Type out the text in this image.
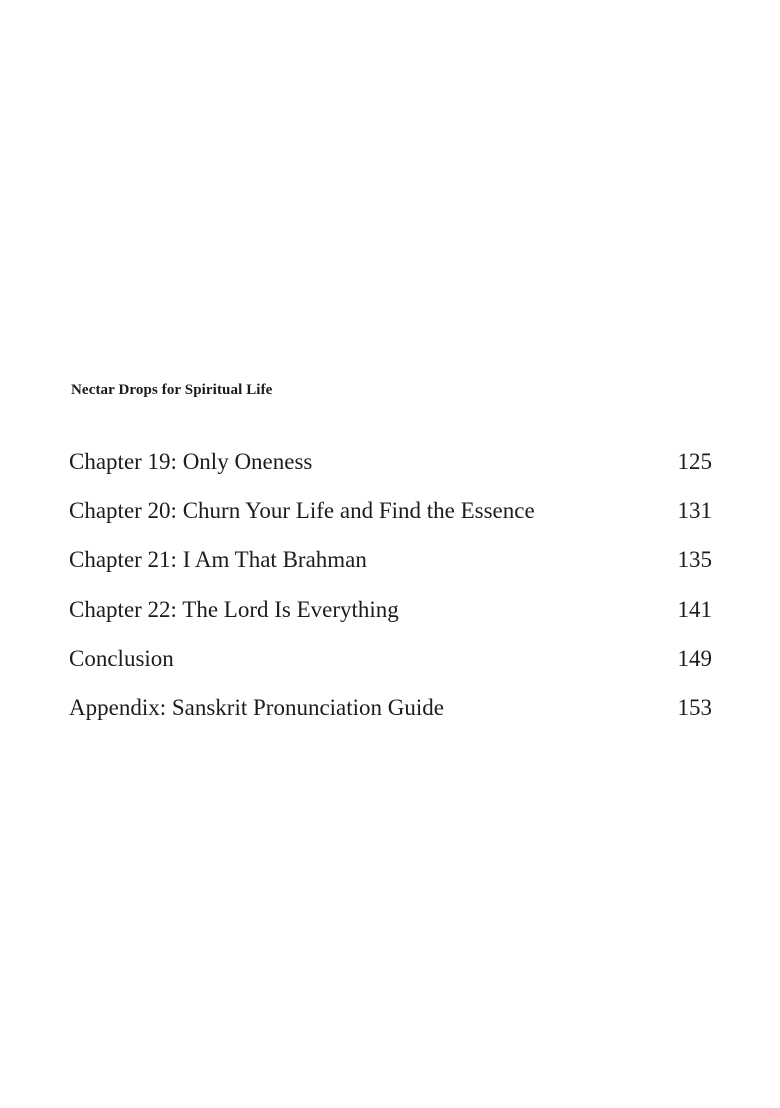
Nectar Drops for Spiritual Life
Chapter 19: Only Oneness	125
Chapter 20: Churn Your Life and Find the Essence	131
Chapter 21: I Am That Brahman	135
Chapter 22: The Lord Is Everything	141
Conclusion	149
Appendix: Sanskrit Pronunciation Guide	153
